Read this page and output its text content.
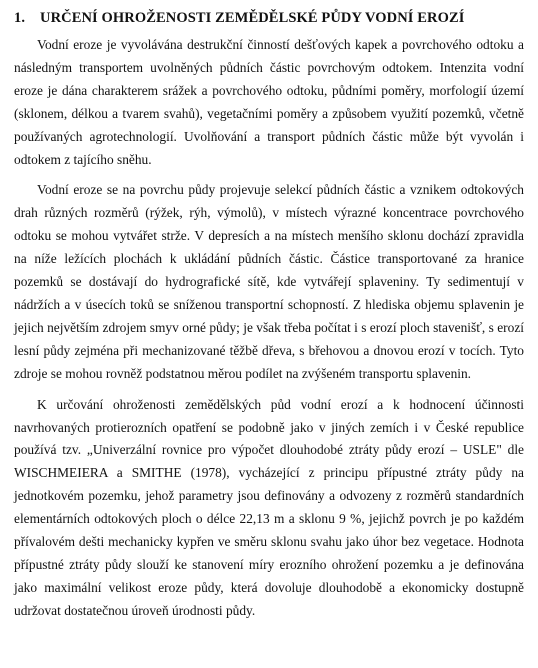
1. URČENÍ OHROŽENOSTI ZEMĚDĚLSKÉ PŮDY VODNÍ EROZÍ

Vodní eroze je vyvolávána destrukční činností dešťových kapek a povrchového odtoku a následným transportem uvolněných půdních částic povrchovým odtokem. Intenzita vodní eroze je dána charakterem srážek a povrchového odtoku, půdními poměry, morfologií území (sklonem, délkou a tvarem svahů), vegetačními poměry a způsobem využití pozemků, včetně používaných agrotechnologií. Uvolňování a transport půdních částic může být vyvolán i odtokem z tajícího sněhu.

Vodní eroze se na povrchu půdy projevuje selekcí půdních částic a vznikem odtokových drah různých rozměrů (rýžek, rýh, výmolů), v místech výrazné koncentrace povrchového odtoku se mohou vytvářet strže. V depresích a na místech menšího sklonu dochází zpravidla na níže ležících plochách k ukládání půdních částic. Částice transportované za hranice pozemků se dostávají do hydrografické sítě, kde vytvářejí splaveniny. Ty sedimentují v nádržích a v úsecích toků se sníženou transportní schopností. Z hlediska objemu splavenin je jejich největším zdrojem smyv orné půdy; je však třeba počítat i s erozí ploch stavenišť, s erozí lesní půdy zejména při mechanizované těžbě dřeva, s břehovou a dnovou erozí v tocích. Tyto zdroje se mohou rovněž podstatnou měrou podílet na zvýšeném transportu splavenin.

K určování ohroženosti zemědělských půd vodní erozí a k hodnocení účinnosti navrhovaných protierozních opatření se podobně jako v jiných zemích i v České republice používá tzv. „Univerzální rovnice pro výpočet dlouhodobé ztráty půdy erozí – USLE" dle WISCHMEIERA a SMITHE (1978), vycházející z principu přípustné ztráty půdy na jednotkovém pozemku, jehož parametry jsou definovány a odvozeny z rozměrů standardních elementárních odtokových ploch o délce 22,13 m a sklonu 9 %, jejichž povrch je po každém přívalovém dešti mechanicky kypřen ve směru sklonu svahu jako úhor bez vegetace. Hodnota přípustné ztráty půdy slouží ke stanovení míry erozního ohrožení pozemku a je definována jako maximální velikost eroze půdy, která dovoluje dlouhodobě a ekonomicky dostupně udržovat dostatečnou úroveň úrodnosti půdy.
